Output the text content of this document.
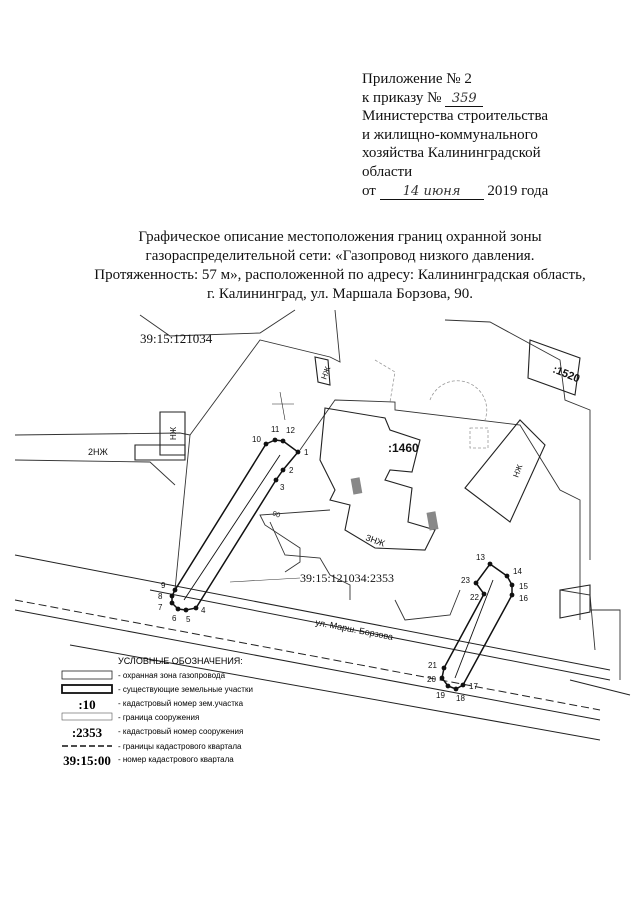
Приложение № 2
к приказу № 359
Министерства строительства
и жилищно-коммунального
хозяйства Калининградской
области
от 14 июня 2019 года
Графическое описание местоположения границ охранной зоны
газораспределительной сети: «Газопровод низкого давления.
Протяженность: 57 м», расположенной по адресу: Калининградская область,
г. Калининград, ул. Маршала Борзова, 90.
1
2
3
4
5
6
7
8
9
10
11 12
13
14
15
16
17
18
19
20
21
22
23
39:15:121034
39:15:121034:2353
:1460
:1520
ул. Марш. Борзова
2НЖ
НЖ
НЖ
НЖ
3НЖ
90
УСЛОВНЫЕ ОБОЗНАЧЕНИЯ:
- охранная зона газопровода
- существующие земельные участки
:10	- кадастровый номер зем.участка
- граница сооружения
:2353 - кадастровый номер сооружения
- границы кадастрового квартала
39:15:00 - номер кадастрового квартала
